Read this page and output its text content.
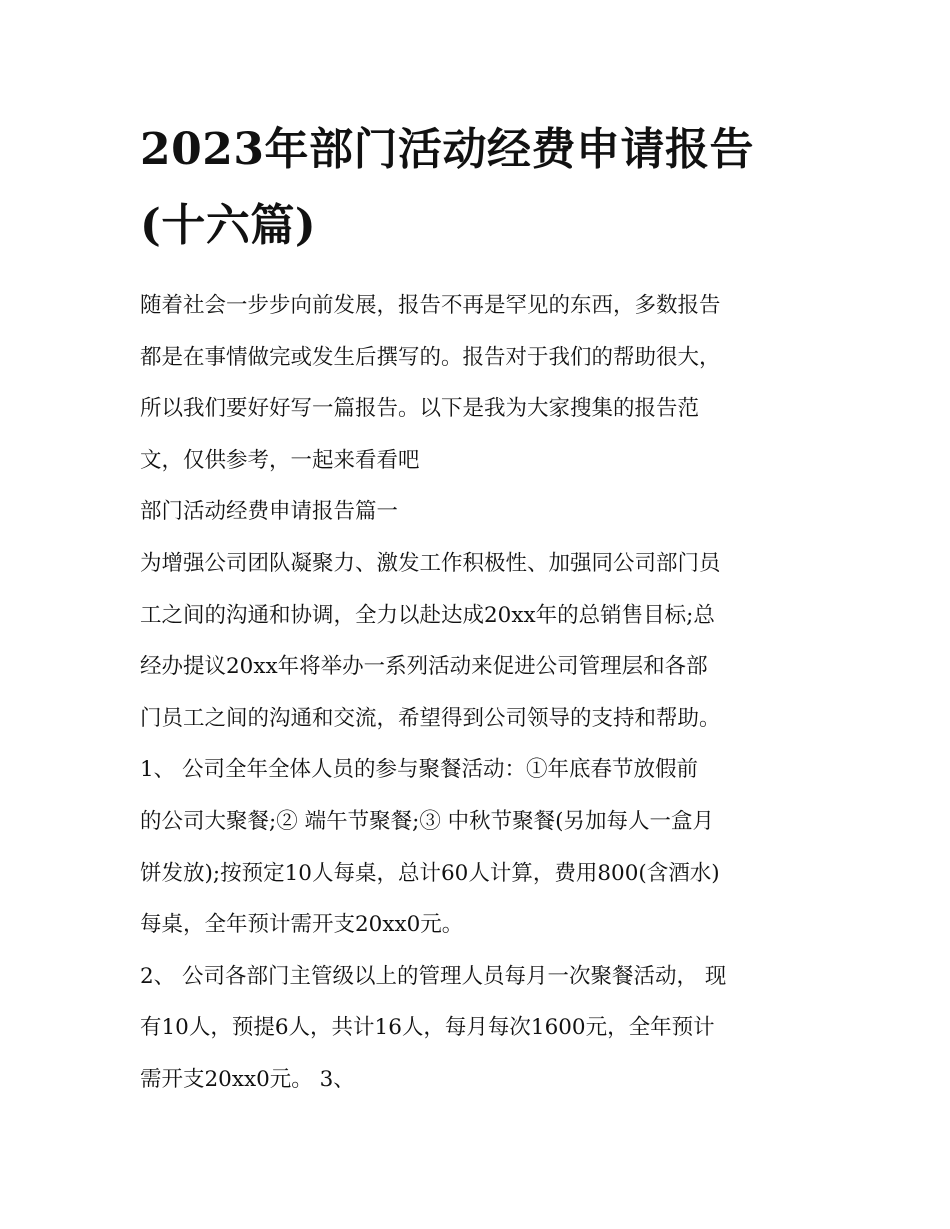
2023年部门活动经费申请报告
(十六篇)
随着社会一步步向前发展，报告不再是罕见的东西，多数报告
都是在事情做完或发生后撰写的。报告对于我们的帮助很大，
所以我们要好好写一篇报告。以下是我为大家搜集的报告范
文，仅供参考，一起来看看吧
部门活动经费申请报告篇一
为增强公司团队凝聚力、激发工作积极性、加强同公司部门员
工之间的沟通和协调，全力以赴达成20xx年的总销售目标;总
经办提议20xx年将举办一系列活动来促进公司管理层和各部
门员工之间的沟通和交流，希望得到公司领导的支持和帮助。
1、 公司全年全体人员的参与聚餐活动：①年底春节放假前
的公司大聚餐;② 端午节聚餐;③ 中秋节聚餐(另加每人一盒月
饼发放);按预定10人每桌，总计60人计算，费用800(含酒水)
每桌，全年预计需开支20xx0元。
2、 公司各部门主管级以上的管理人员每月一次聚餐活动， 现
有10人，预提6人，共计16人，每月每次1600元，全年预计
需开支20xx0元。 3、
